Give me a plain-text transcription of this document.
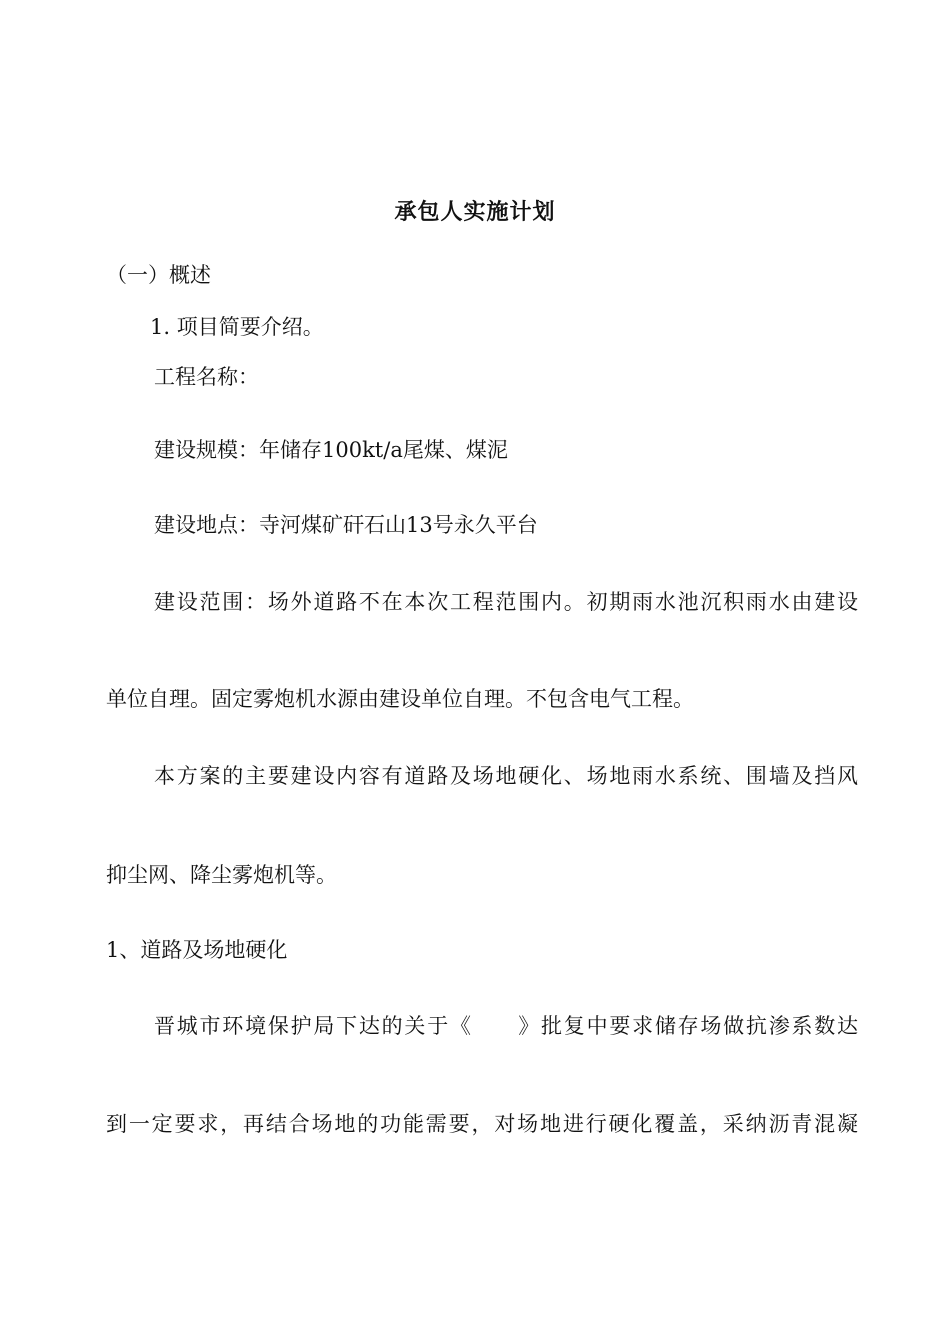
承包人实施计划
（一）概述
1. 项目简要介绍。
工程名称：
建设规模：年储存100kt/a尾煤、煤泥
建设地点：寺河煤矿矸石山13号永久平台
建设范围：场外道路不在本次工程范围内。初期雨水池沉积雨水由建设
单位自理。固定雾炮机水源由建设单位自理。不包含电气工程。
本方案的主要建设内容有道路及场地硬化、场地雨水系统、围墙及挡风
抑尘网、降尘雾炮机等。
1、道路及场地硬化
晋城市环境保护局下达的关于《　　》批复中要求储存场做抗渗系数达
到一定要求，再结合场地的功能需要，对场地进行硬化覆盖，采纳沥青混凝
